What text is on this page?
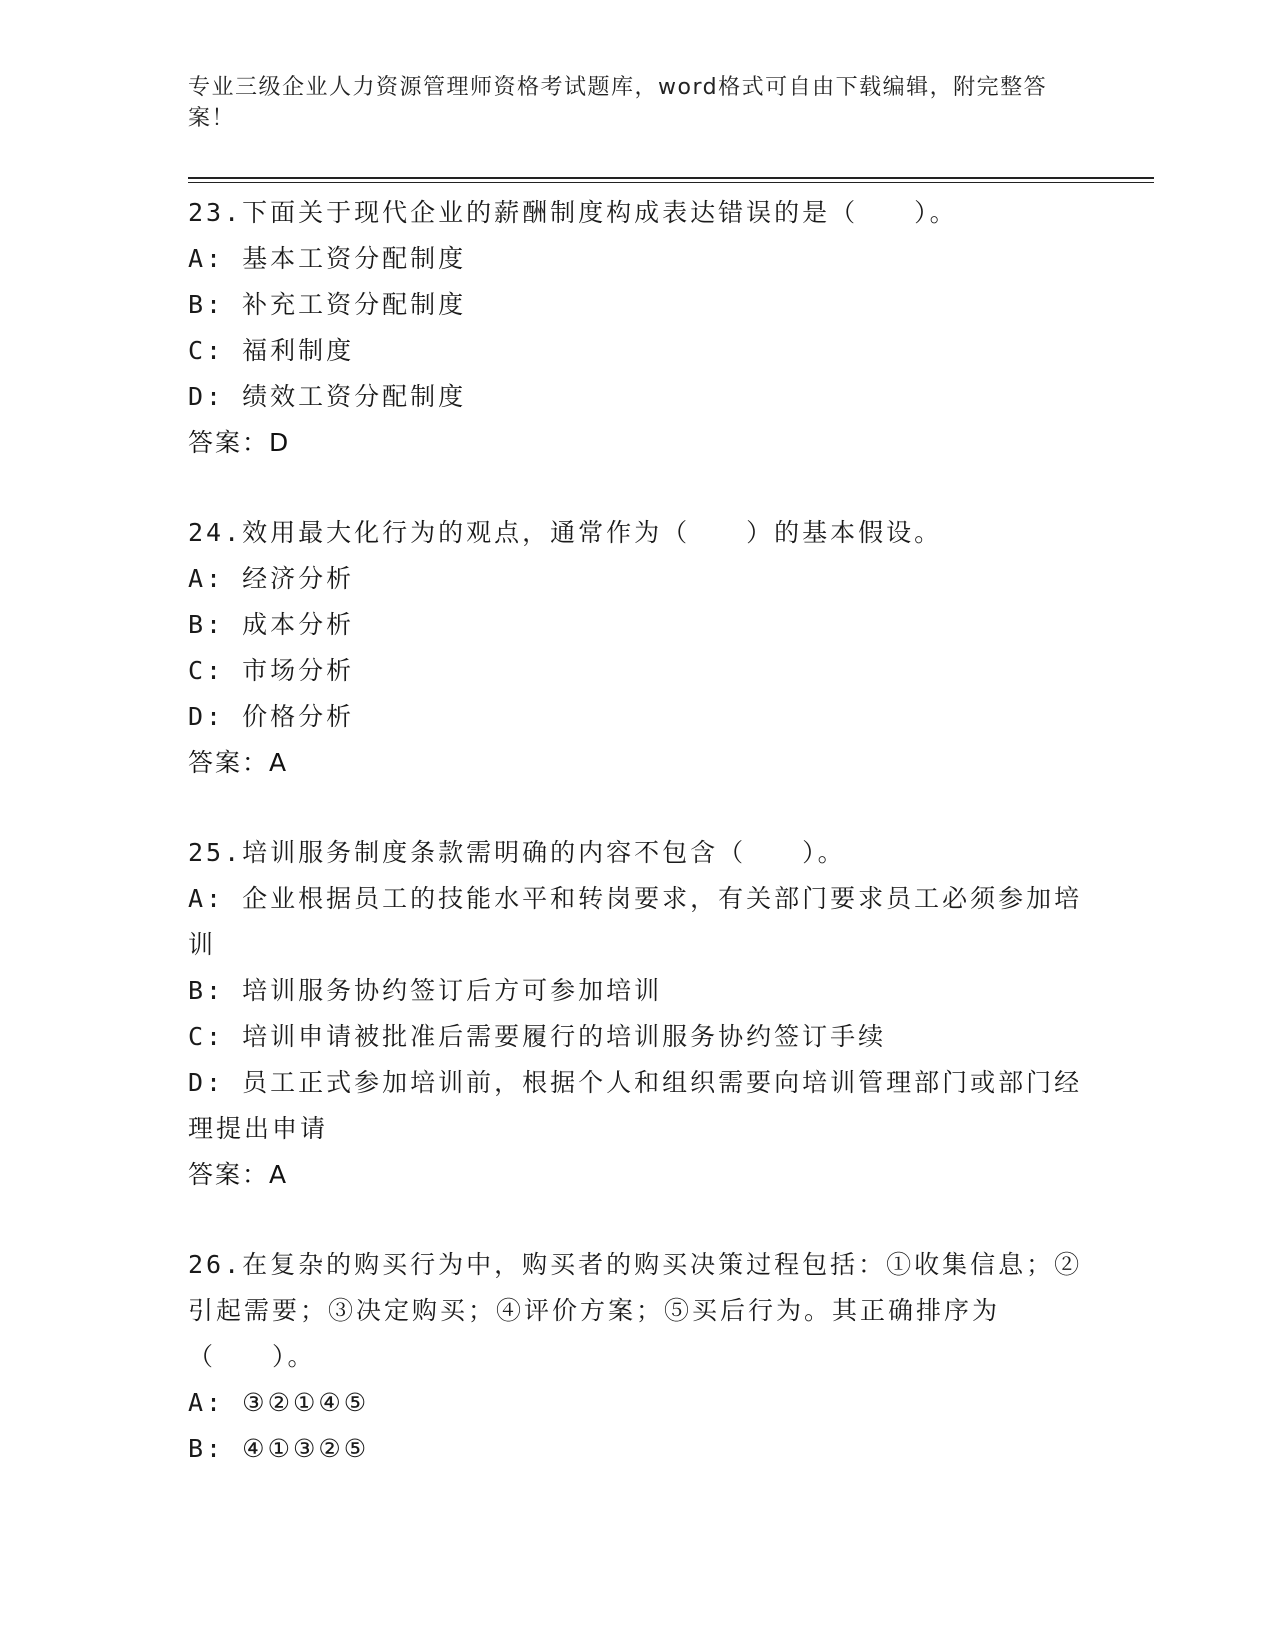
专业三级企业人力资源管理师资格考试题库，word格式可自由下载编辑，附完整答案！

23.下面关于现代企业的薪酬制度构成表达错误的是（　　）。

A: 基本工资分配制度

B: 补充工资分配制度

C: 福利制度

D: 绩效工资分配制度

答案：D

24.效用最大化行为的观点，通常作为（　　）的基本假设。

A: 经济分析

B: 成本分析

C: 市场分析

D: 价格分析

答案：A

25.培训服务制度条款需明确的内容不包含（　　）。

A: 企业根据员工的技能水平和转岗要求，有关部门要求员工必须参加培训

B: 培训服务协约签订后方可参加培训

C: 培训申请被批准后需要履行的培训服务协约签订手续

D: 员工正式参加培训前，根据个人和组织需要向培训管理部门或部门经理提出申请

答案：A

26.在复杂的购买行为中，购买者的购买决策过程包括：①收集信息；②引起需要；③决定购买；④评价方案；⑤买后行为。其正确排序为（　　）。

A: ③②①④⑤

B: ④①③②⑤
